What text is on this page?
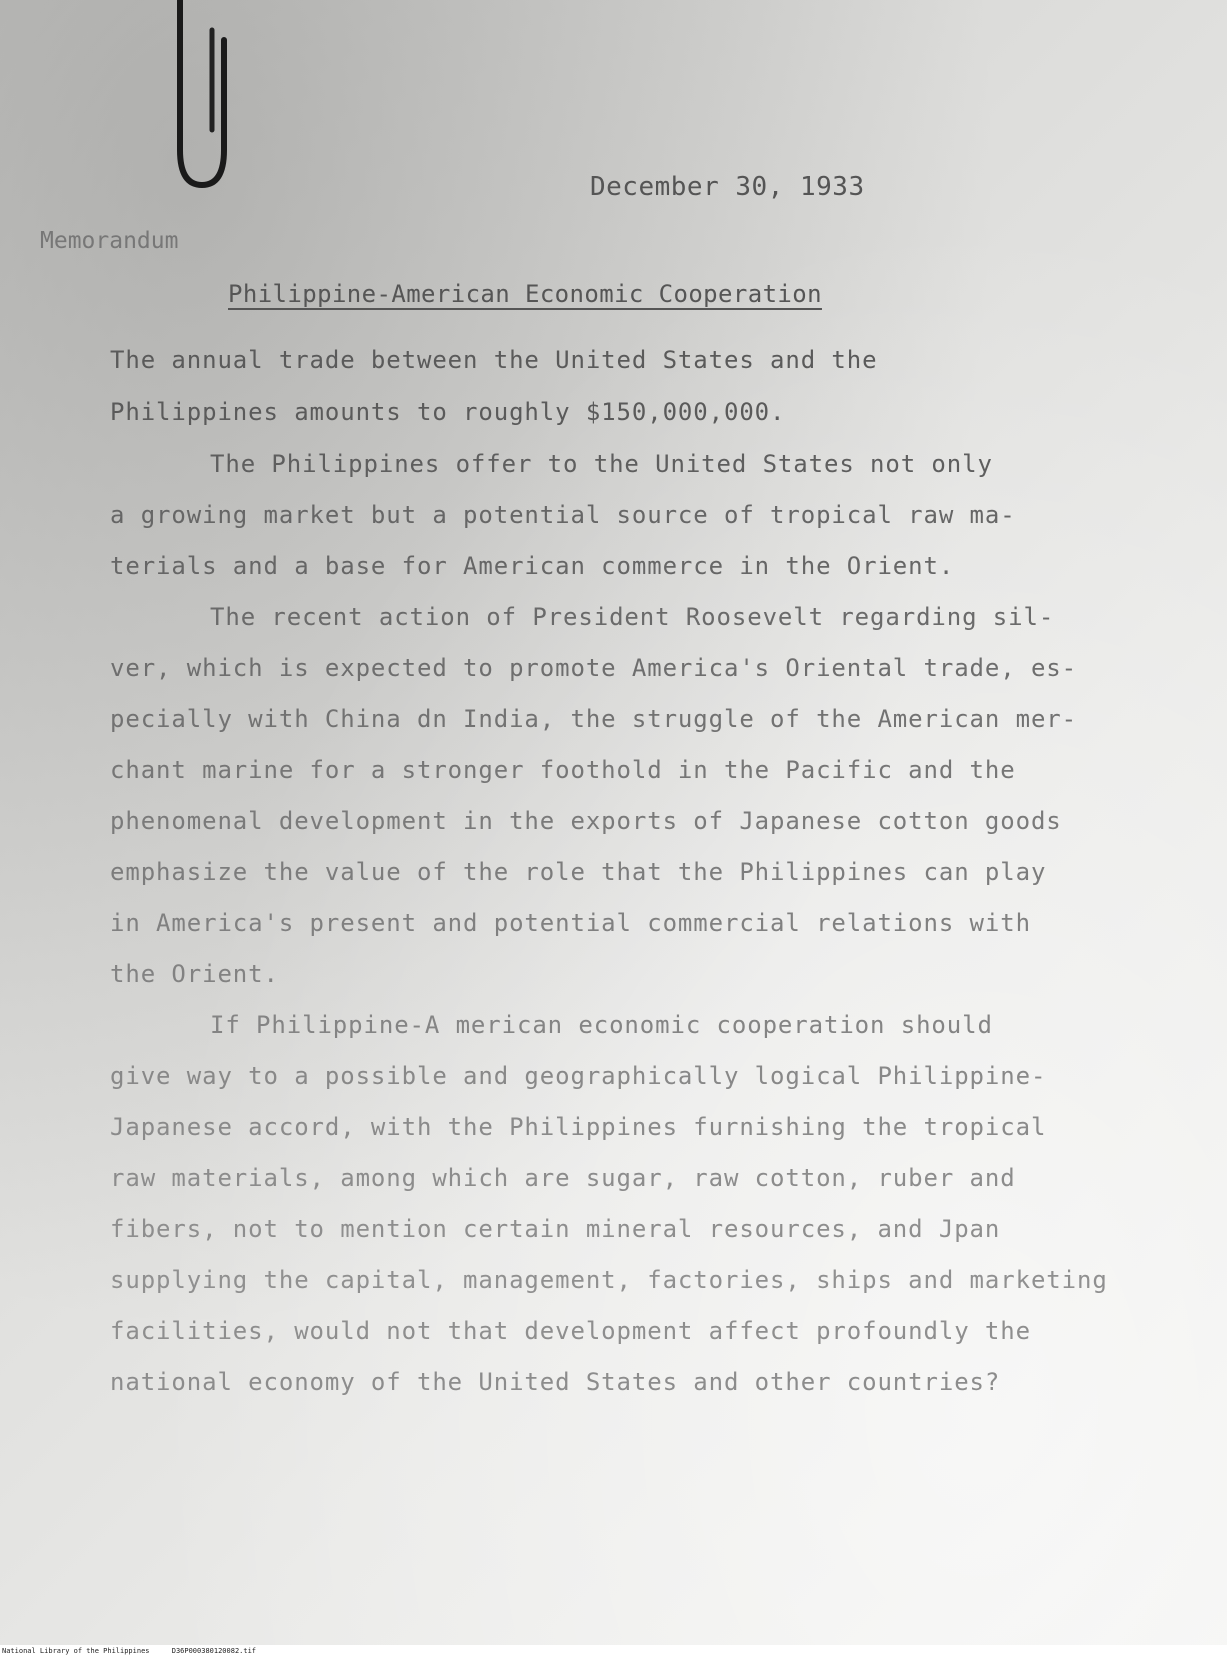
December 30, 1933
Memorandum
Philippine-American Economic Cooperation
The annual trade between the United States and the
Philippines amounts to roughly $150,000,000.
The Philippines offer to the United States not only
a growing market but a potential source of tropical raw ma-
terials and a base for American commerce in the Orient.
The recent action of President Roosevelt regarding sil-
ver, which is expected to promote America's Oriental trade, es-
pecially with China dn India, the struggle of the American mer-
chant marine for a stronger foothold in the Pacific and the
phenomenal development in the exports of Japanese cotton goods
emphasize the value of the role that the Philippines can play
in America's present and potential commercial relations with
the Orient.
If Philippine-A merican economic cooperation should
give way to a possible and geographically logical Philippine-
Japanese accord, with the Philippines furnishing the tropical
raw materials, among which are sugar, raw cotton, ruber and
fibers, not to mention certain mineral resources, and Jpan
supplying the capital, management, factories, ships and marketing
facilities, would not that development affect profoundly the
national economy of the United States and other countries?
National Library of the Philippines	D36P000380120082.tif
